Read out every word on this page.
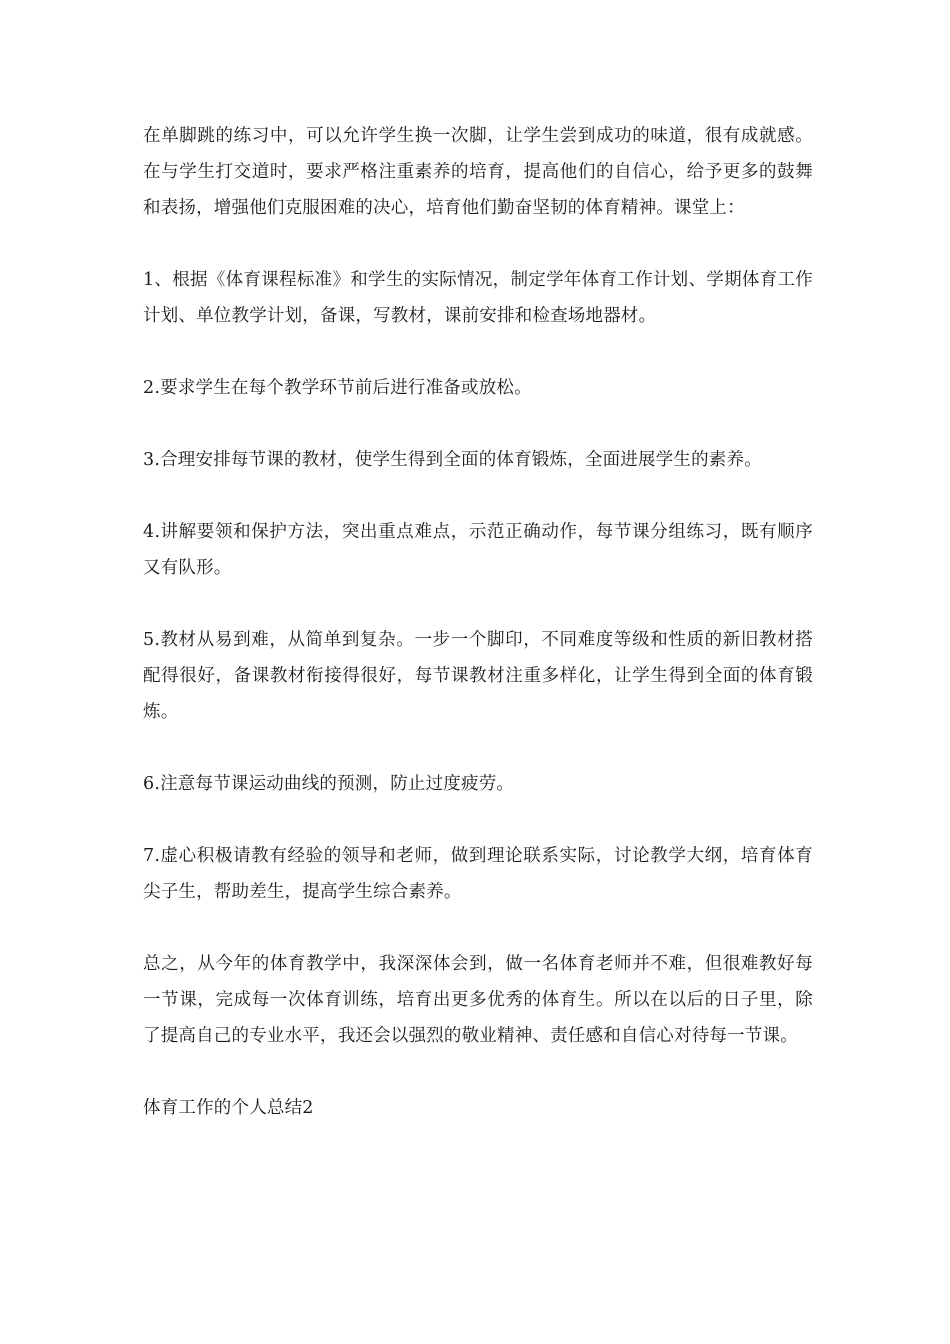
在单脚跳的练习中，可以允许学生换一次脚，让学生尝到成功的味道，很有成就感。在与学生打交道时，要求严格注重素养的培育，提高他们的自信心，给予更多的鼓舞和表扬，增强他们克服困难的决心，培育他们勤奋坚韧的体育精神。课堂上：

1、根据《体育课程标准》和学生的实际情况，制定学年体育工作计划、学期体育工作计划、单位教学计划，备课，写教材，课前安排和检查场地器材。

2.要求学生在每个教学环节前后进行准备或放松。

3.合理安排每节课的教材，使学生得到全面的体育锻炼，全面进展学生的素养。

4.讲解要领和保护方法，突出重点难点，示范正确动作，每节课分组练习，既有顺序又有队形。

5.教材从易到难，从简单到复杂。一步一个脚印，不同难度等级和性质的新旧教材搭配得很好，备课教材衔接得很好，每节课教材注重多样化，让学生得到全面的体育锻炼。

6.注意每节课运动曲线的预测，防止过度疲劳。

7.虚心积极请教有经验的领导和老师，做到理论联系实际，讨论教学大纲，培育体育尖子生，帮助差生，提高学生综合素养。

总之，从今年的体育教学中，我深深体会到，做一名体育老师并不难，但很难教好每一节课，完成每一次体育训练，培育出更多优秀的体育生。所以在以后的日子里，除了提高自己的专业水平，我还会以强烈的敬业精神、责任感和自信心对待每一节课。

体育工作的个人总结2
